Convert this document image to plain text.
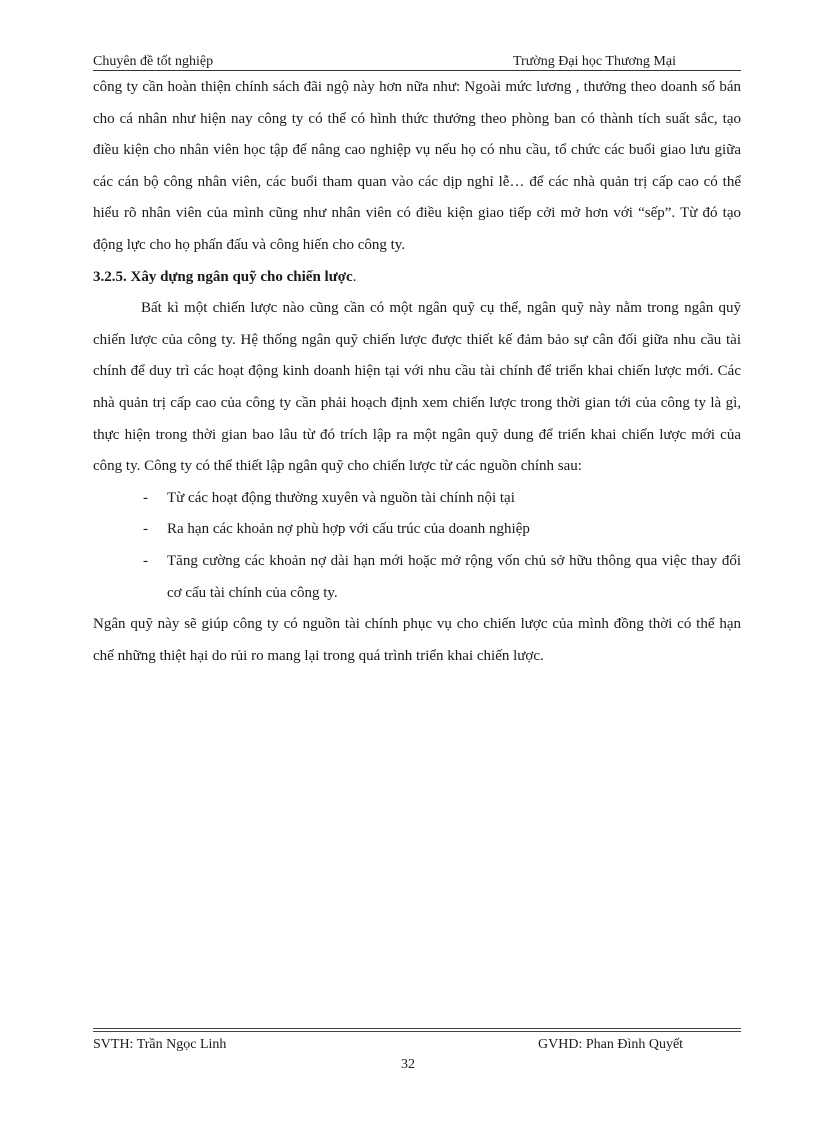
Chuyên đề tốt nghiệp	Trường Đại học Thương Mại

công ty cần hoàn thiện chính sách đãi ngộ này hơn nữa như: Ngoài mức lương , thưởng theo doanh số bán cho cá nhân như hiện nay công ty có thể có hình thức thưởng theo phòng ban có thành tích suất sắc, tạo điều kiện cho nhân viên học tập để nâng cao nghiệp vụ nếu họ có nhu cầu, tổ chức các buổi giao lưu giữa các cán bộ công nhân viên, các buổi tham quan vào các dịp nghỉ lễ… để các nhà quản trị cấp cao có thể hiểu rõ nhân viên của mình cũng như nhân viên có điều kiện giao tiếp cởi mở hơn với “sếp”. Từ đó tạo động lực cho họ phấn đấu và công hiến cho công ty.

3.2.5. Xây dựng ngân quỹ cho chiến lược.

Bất kì một chiến lược nào cũng cần có một ngân quỹ cụ thể, ngân quỹ này nằm trong ngân quỹ chiến lược của công ty. Hệ thống ngân quỹ chiến lược được thiết kế đảm bảo sự cân đối giữa nhu cầu tài chính để duy trì các hoạt động kinh doanh hiện tại với nhu cầu tài chính để triển khai chiến lược mới. Các nhà quản trị cấp cao của công ty cần phải hoạch định xem chiến lược trong thời gian tới của công ty là gì, thực hiện trong thời gian bao lâu từ đó trích lập ra một ngân quỹ dung để triển khai chiến lược mới của công ty. Công ty có thể thiết lập ngân quỹ cho chiến lược từ các nguồn chính sau:

- Từ các hoạt động thường xuyên và nguồn tài chính nội tại
- Ra hạn các khoản nợ phù hợp với cấu trúc của doanh nghiệp
- Tăng cường các khoản nợ dài hạn mới hoặc mở rộng vốn chủ sở hữu thông qua việc thay đổi cơ cấu tài chính của công ty.

Ngân quỹ này sẽ giúp công ty có nguồn tài chính phục vụ cho chiến lược của mình đồng thời có thể hạn chế những thiệt hại do rủi ro mang lại trong quá trình triển khai chiến lược.

SVTH: Trần Ngọc Linh	GVHD: Phan Đình Quyết
32
